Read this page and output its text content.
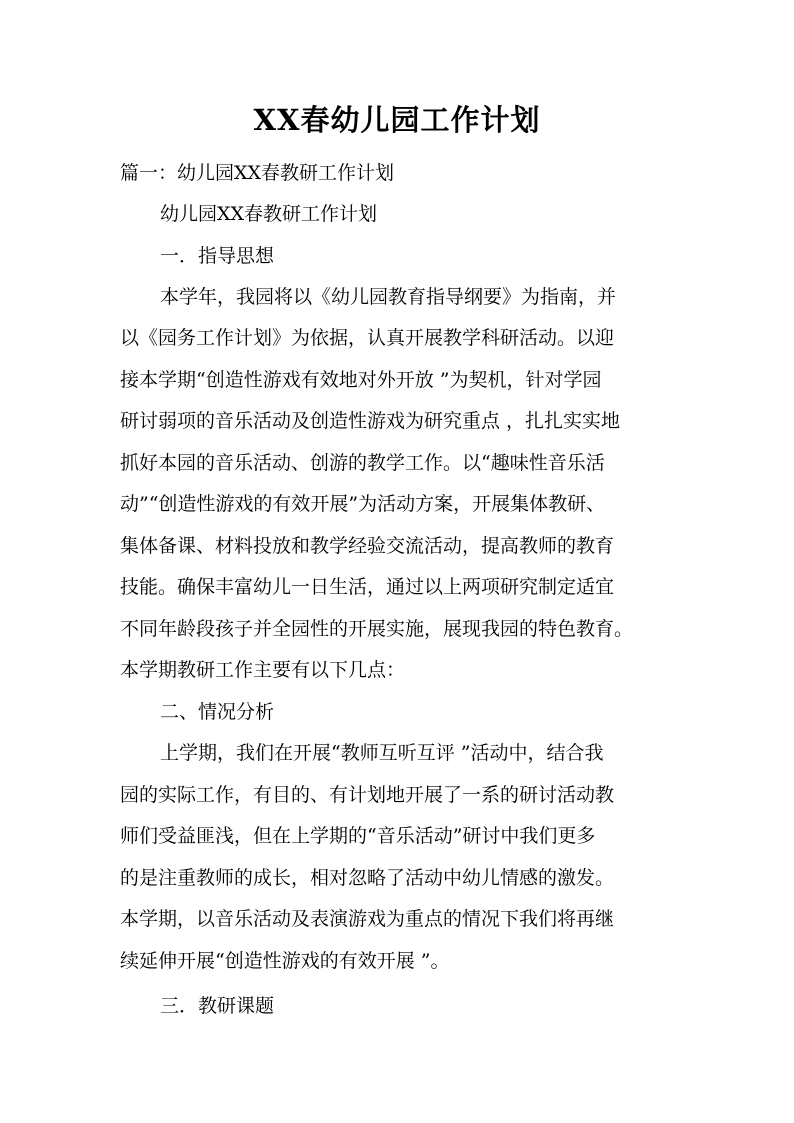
XX春幼儿园工作计划

篇一：幼儿园XX春教研工作计划

幼儿园XX春教研工作计划

一．指导思想

本学年，我园将以《幼儿园教育指导纲要》为指南，并

以《园务工作计划》为依据，认真开展教学科研活动。以迎

接本学期“创造性游戏有效地对外开放 ”为契机，针对学园

研讨弱项的音乐活动及创造性游戏为研究重点 ，扎扎实实地

抓好本园的音乐活动、创游的教学工作。以“趣味性音乐活

动”“创造性游戏的有效开展”为活动方案，开展集体教研、

集体备课、材料投放和教学经验交流活动，提高教师的教育

技能。确保丰富幼儿一日生活，通过以上两项研究制定适宜

不同年龄段孩子并全园性的开展实施，展现我园的特色教育。

本学期教研工作主要有以下几点：

二、情况分析

上学期，我们在开展“教师互听互评 ”活动中，结合我

园的实际工作，有目的、有计划地开展了一系的研讨活动教

师们受益匪浅，但在上学期的“音乐活动”研讨中我们更多

的是注重教师的成长，相对忽略了活动中幼儿情感的激发。

本学期，以音乐活动及表演游戏为重点的情况下我们将再继

续延伸开展“创造性游戏的有效开展 ”。

三．教研课题
